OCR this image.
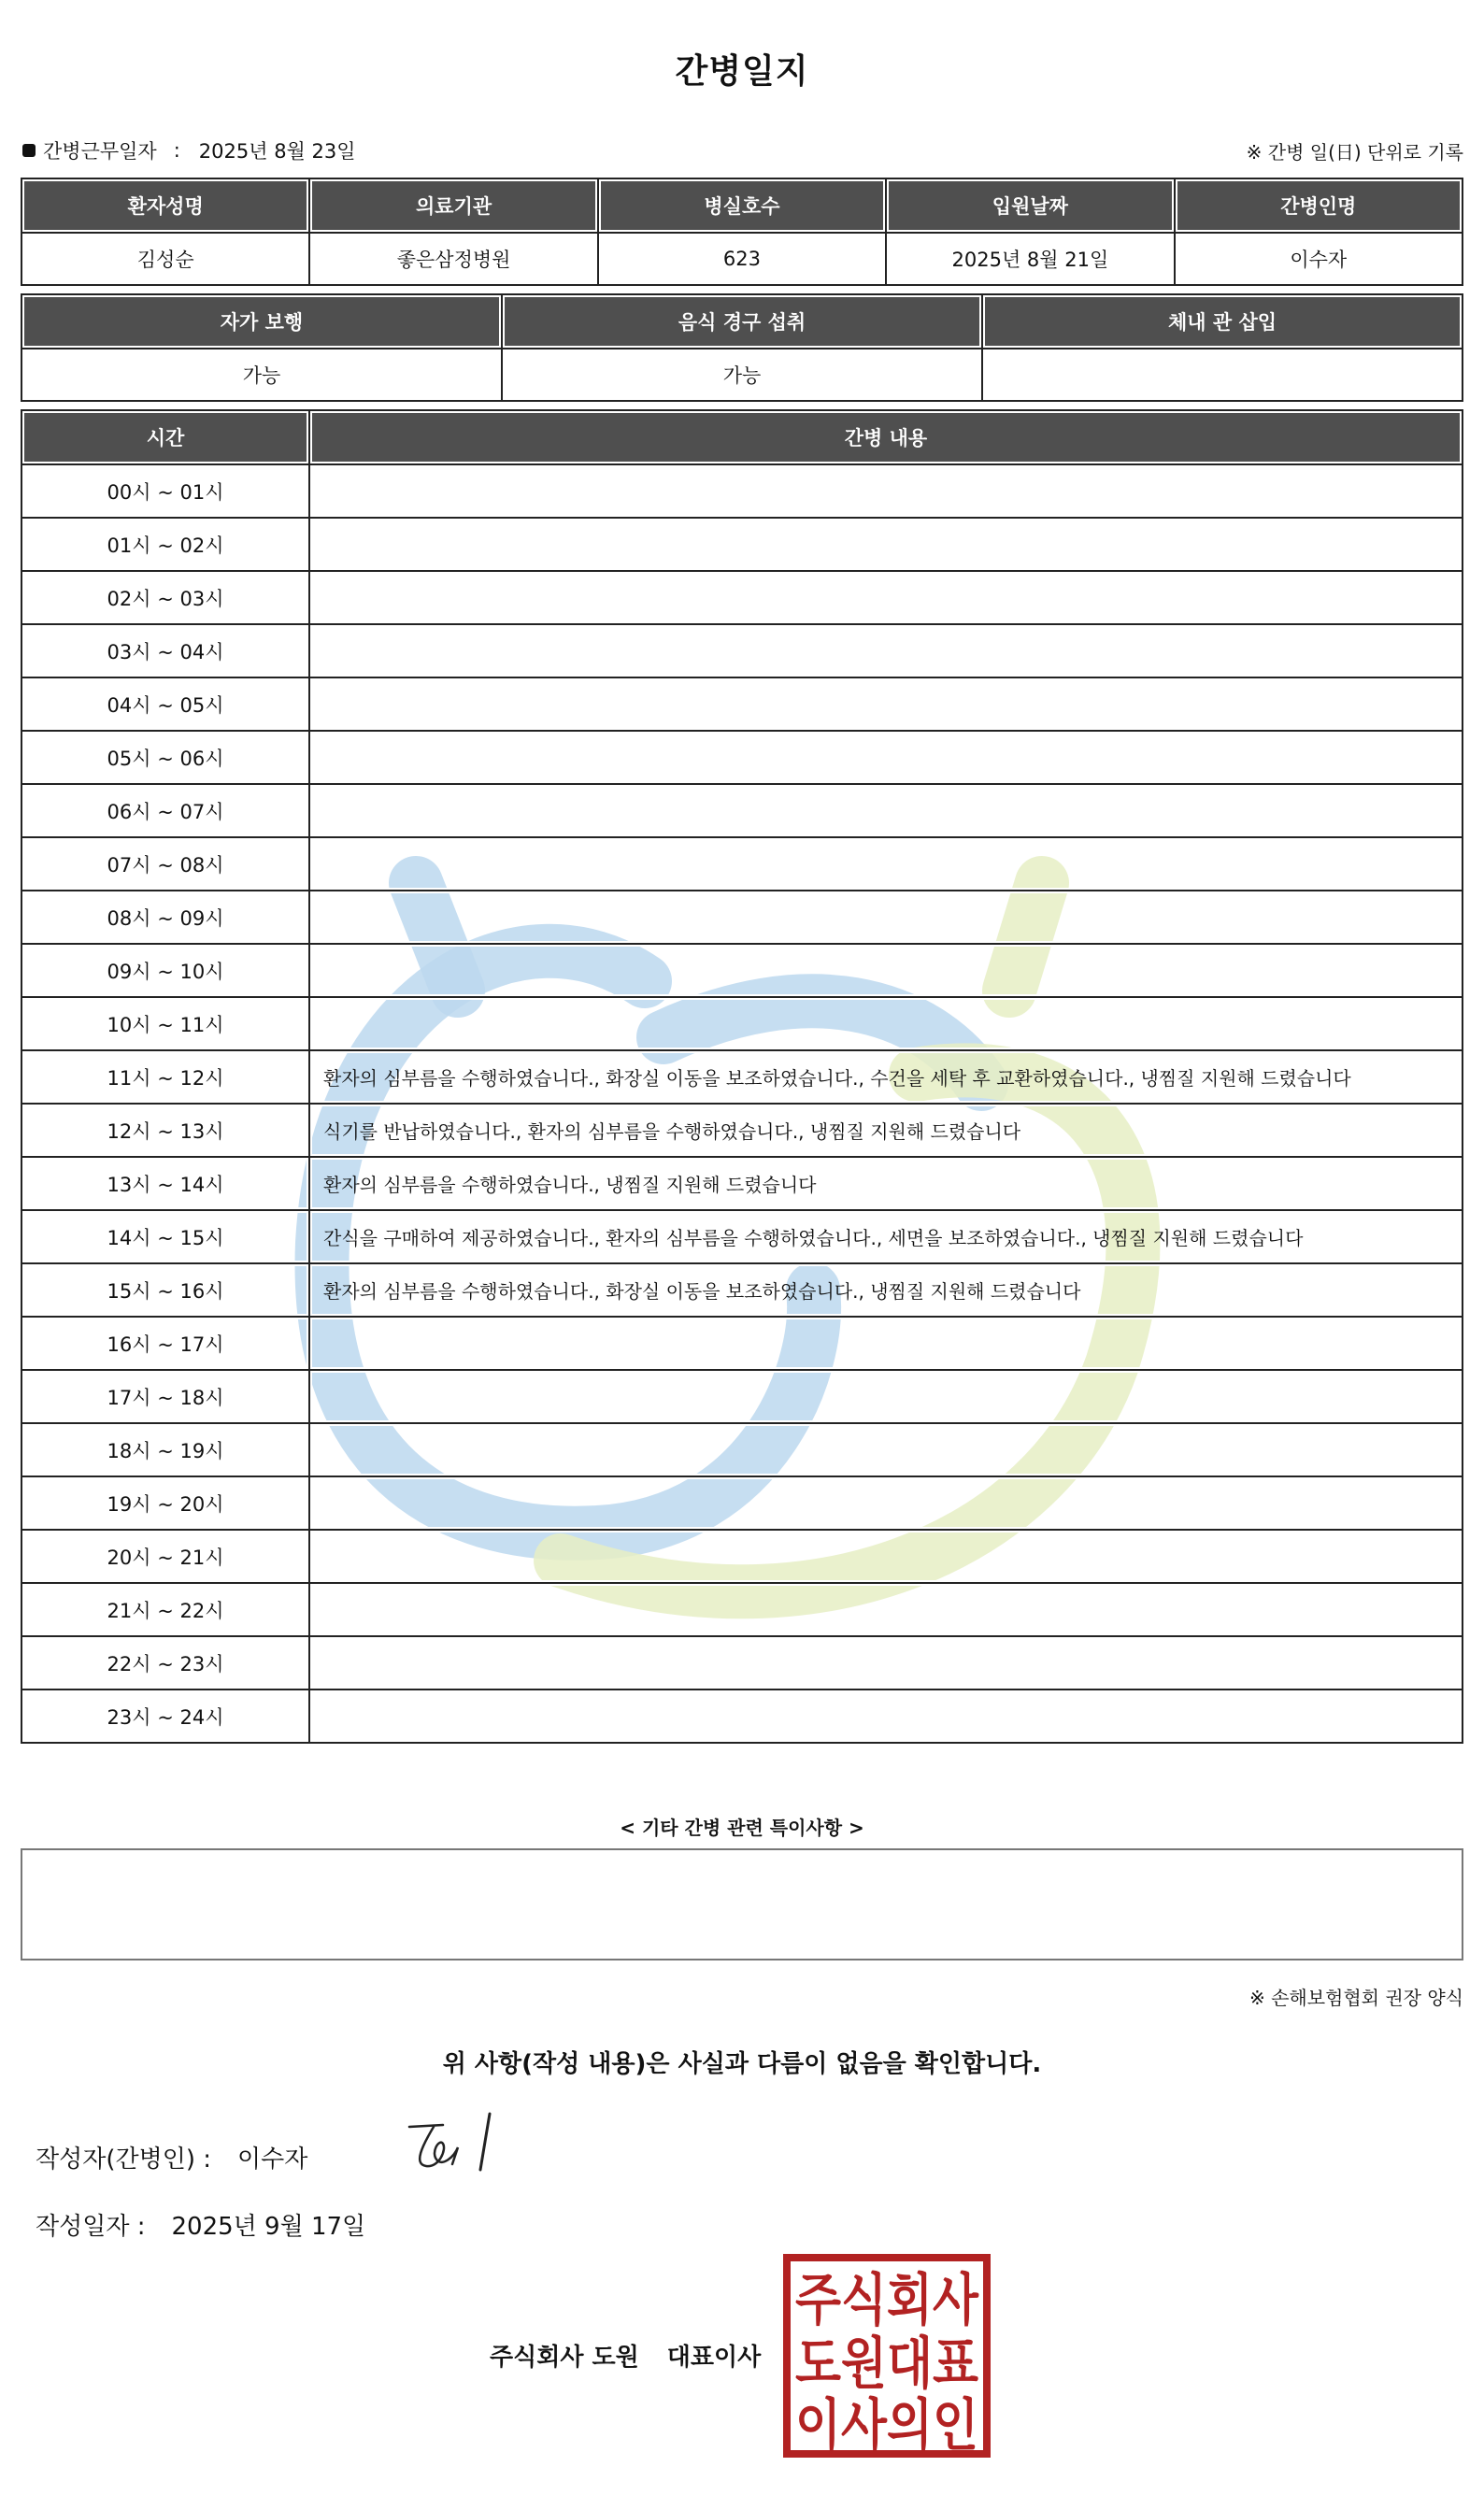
간병일지
간병근무일자 : 2025년 8월 23일	※ 간병 일(日) 단위로 기록
환자성명	의료기관	병실호수	입원날짜	간병인명
김성순	좋은삼정병원	623	2025년 8월 21일	이수자
자가 보행	음식 경구 섭취	체내 관 삽입
가능	가능	
시간	간병 내용
00시 ~ 01시	
01시 ~ 02시	
02시 ~ 03시	
03시 ~ 04시	
04시 ~ 05시	
05시 ~ 06시	
06시 ~ 07시	
07시 ~ 08시	
08시 ~ 09시	
09시 ~ 10시	
10시 ~ 11시	
11시 ~ 12시	환자의 심부름을 수행하였습니다., 화장실 이동을 보조하였습니다., 수건을 세탁 후 교환하였습니다., 냉찜질 지원해 드렸습니다
12시 ~ 13시	식기를 반납하였습니다., 환자의 심부름을 수행하였습니다., 냉찜질 지원해 드렸습니다
13시 ~ 14시	환자의 심부름을 수행하였습니다., 냉찜질 지원해 드렸습니다
14시 ~ 15시	간식을 구매하여 제공하였습니다., 환자의 심부름을 수행하였습니다., 세면을 보조하였습니다., 냉찜질 지원해 드렸습니다
15시 ~ 16시	환자의 심부름을 수행하였습니다., 화장실 이동을 보조하였습니다., 냉찜질 지원해 드렸습니다
16시 ~ 17시	
17시 ~ 18시	
18시 ~ 19시	
19시 ~ 20시	
20시 ~ 21시	
21시 ~ 22시	
22시 ~ 23시	
23시 ~ 24시	
< 기타 간병 관련 특이사항 >
※ 손해보험협회 권장 양식
위 사항(작성 내용)은 사실과 다름이 없음을 확인합니다.
작성자(간병인) : 이수자
작성일자 : 2025년 9월 17일
주식회사 도원 대표이사
주식회사
도원대표
이사의인
